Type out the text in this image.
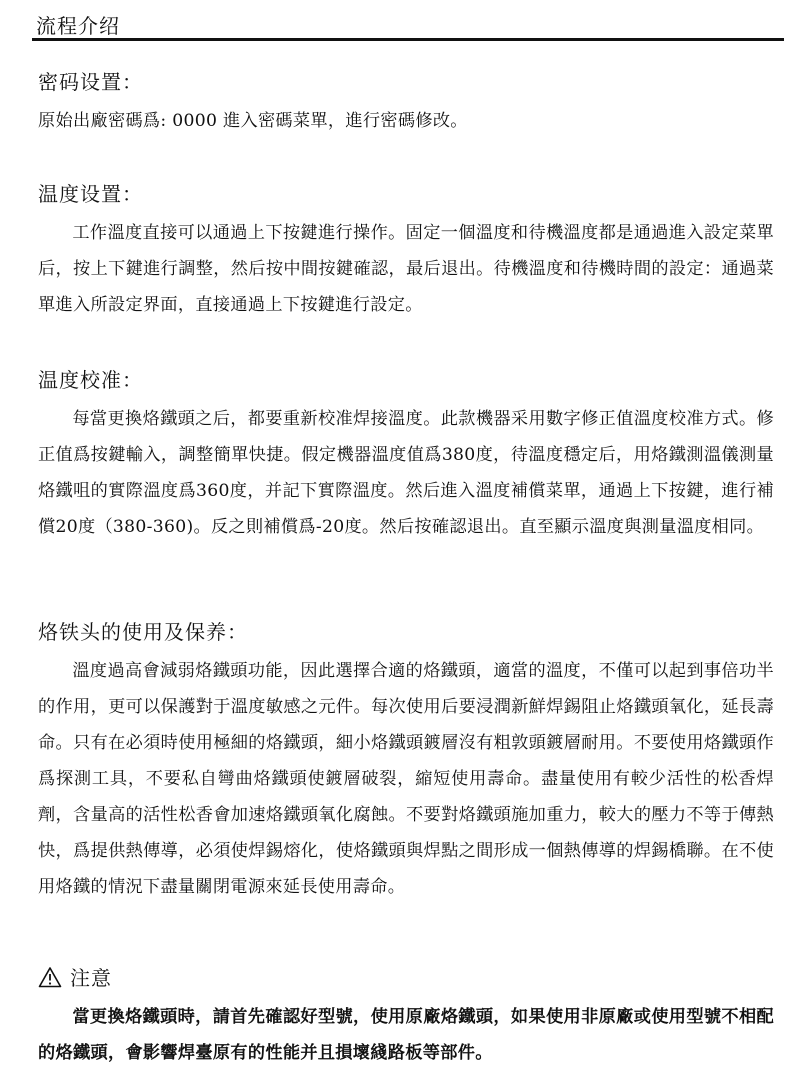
流程介绍
密码设置：

原始出廠密碼爲: 0000 進入密碼菜單，進行密碼修改。

温度设置：

工作溫度直接可以通過上下按鍵進行操作。固定一個溫度和待機溫度都是通過進入設定菜單后，按上下鍵進行調整，然后按中間按鍵確認，最后退出。待機溫度和待機時間的設定：通過菜單進入所設定界面，直接通過上下按鍵進行設定。

温度校准：

每當更換烙鐵頭之后，都要重新校准焊接溫度。此款機器采用數字修正值溫度校准方式。修正值爲按鍵輸入，調整簡單快捷。假定機器溫度值爲380度，待溫度穩定后，用烙鐵測溫儀測量烙鐵咀的實際溫度爲360度，并記下實際溫度。然后進入溫度補償菜單，通過上下按鍵，進行補償20度（380-360)。反之則補償爲-20度。然后按確認退出。直至顯示溫度與測量溫度相同。

烙铁头的使用及保养：

溫度過高會減弱烙鐵頭功能，因此選擇合適的烙鐵頭，適當的溫度，不僅可以起到事倍功半的作用，更可以保護對于溫度敏感之元件。每次使用后要浸潤新鮮焊錫阻止烙鐵頭氧化，延長壽命。只有在必須時使用極細的烙鐵頭，細小烙鐵頭鍍層沒有粗敦頭鍍層耐用。不要使用烙鐵頭作爲探測工具，不要私自彎曲烙鐵頭使鍍層破裂，縮短使用壽命。盡量使用有較少活性的松香焊劑，含量高的活性松香會加速烙鐵頭氧化腐蝕。不要對烙鐵頭施加重力，較大的壓力不等于傳熱快，爲提供熱傳導，必須使焊錫熔化，使烙鐵頭與焊點之間形成一個熱傳導的焊錫橋聯。在不使用烙鐵的情況下盡量關閉電源來延長使用壽命。

注意

當更換烙鐵頭時，請首先確認好型號，使用原廠烙鐵頭，如果使用非原廠或使用型號不相配的烙鐵頭，會影響焊臺原有的性能并且損壞綫路板等部件。
